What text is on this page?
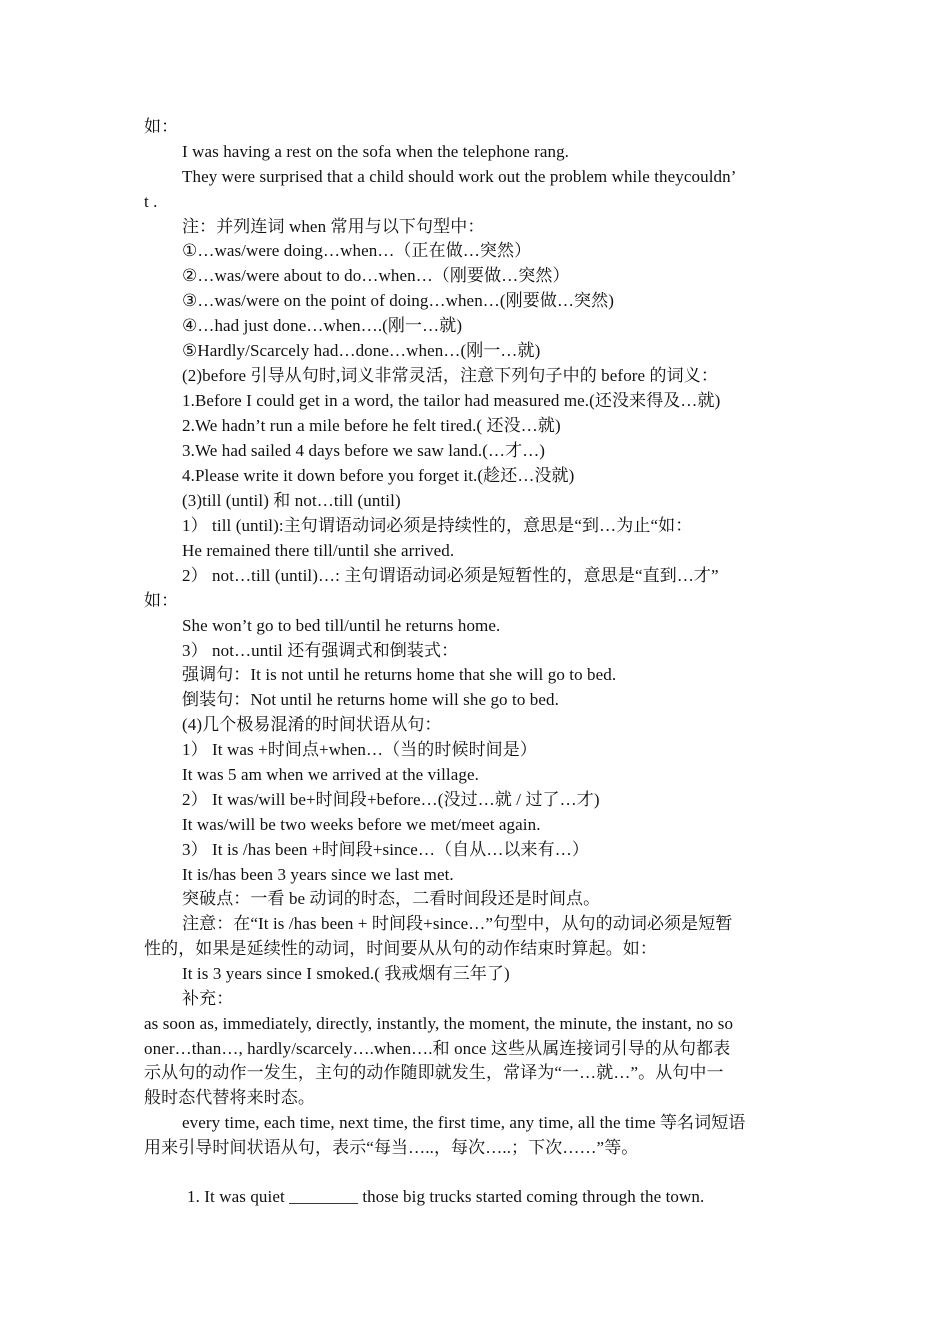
如：
I was having a rest on the sofa when the telephone rang.
They were surprised that a child should work out the problem while theycouldn’
t .
注：并列连词 when 常用与以下句型中：
①…was/were doing…when…（正在做…突然）
②…was/were about to do…when…（刚要做…突然）
③…was/were on the point of doing…when…(刚要做…突然)
④…had just done…when….(刚一…就)
⑤Hardly/Scarcely had…done…when…(刚一…就)
(2)before 引导从句时,词义非常灵活，注意下列句子中的 before 的词义：
1.Before I could get in a word, the tailor had measured me.(还没来得及…就)
2.We hadn’t run a mile before he felt tired.( 还没…就)
3.We had sailed 4 days before we saw land.(…才…)
4.Please write it down before you forget it.(趁还…没就)
(3)till (until) 和 not…till (until)
1） till (until):主句谓语动词必须是持续性的，意思是“到…为止“如：
He remained there till/until she arrived.
2） not…till (until)…: 主句谓语动词必须是短暂性的，意思是“直到…才”
如：
She won’t go to bed till/until he returns home.
3） not…until 还有强调式和倒装式：
强调句：It is not until he returns home that she will go to bed.
倒装句：Not until he returns home will she go to bed.
(4)几个极易混淆的时间状语从句：
1） It was +时间点+when…（当的时候时间是）
It was 5 am when we arrived at the village.
2） It was/will be+时间段+before…(没过…就 / 过了…才)
It was/will be two weeks before we met/meet again.
3） It is /has been +时间段+since…（自从…以来有…）
It is/has been 3 years since we last met.
突破点：一看 be 动词的时态，二看时间段还是时间点。
注意：在“It is /has been + 时间段+since…”句型中，从句的动词必须是短暂
性的，如果是延续性的动词，时间要从从句的动作结束时算起。如：
It is 3 years since I smoked.( 我戒烟有三年了)
补充：
as soon as, immediately, directly, instantly, the moment, the minute, the instant, no so
oner…than…, hardly/scarcely….when….和 once 这些从属连接词引导的从句都表
示从句的动作一发生，主句的动作随即就发生，常译为“一…就…”。从句中一
般时态代替将来时态。
every time, each time, next time, the first time, any time, all the time 等名词短语
用来引导时间状语从句，表示“每当…..，每次…..；下次……”等。
1. It was quiet ________ those big trucks started coming through the town.
